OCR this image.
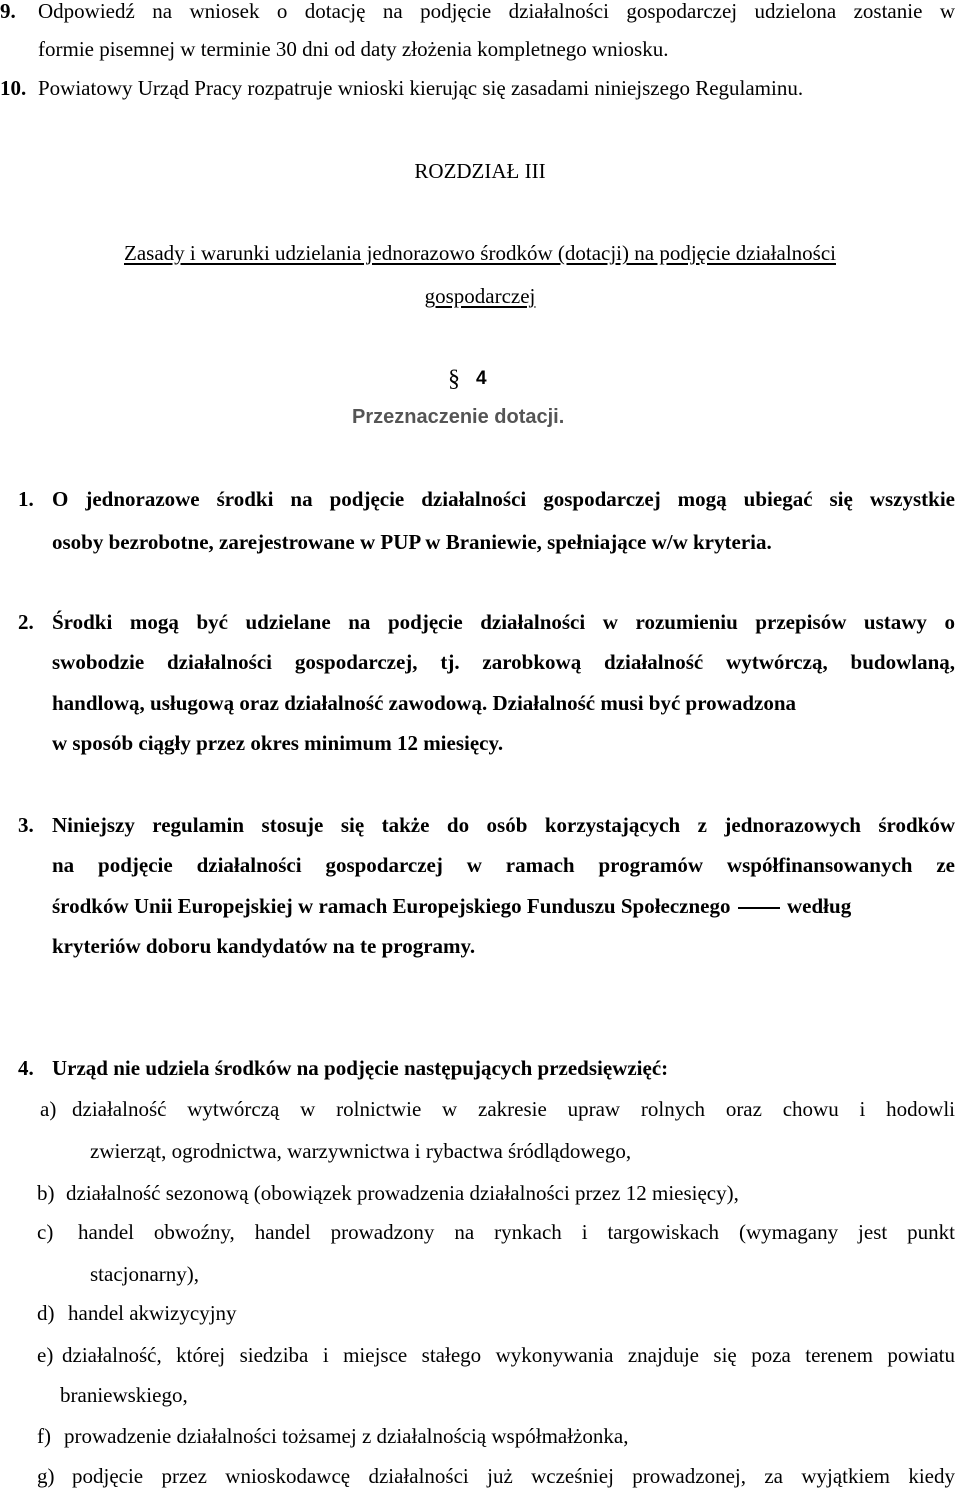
9. Odpowiedź na wniosek o dotację na podjęcie działalności gospodarczej udzielona zostanie w
formie pisemnej w terminie 30 dni od daty złożenia kompletnego wniosku.
10. Powiatowy Urząd Pracy rozpatruje wnioski kierując się zasadami niniejszego Regulaminu.
ROZDZIAŁ III
Zasady i warunki udzielania jednorazowo środków (dotacji) na podjęcie działalności
gospodarczej
§ 4
Przeznaczenie dotacji.
1. O jednorazowe środki na podjęcie działalności gospodarczej mogą ubiegać się wszystkie
osoby bezrobotne, zarejestrowane w PUP w Braniewie, spełniające w/w kryteria.
2. Środki mogą być udzielane na podjęcie działalności w rozumieniu przepisów ustawy o
swobodzie działalności gospodarczej, tj. zarobkową działalność wytwórczą, budowlaną,
handlową, usługową oraz działalność zawodową. Działalność musi być prowadzona
w sposób ciągły przez okres minimum 12 miesięcy.
3. Niniejszy regulamin stosuje się także do osób korzystających z jednorazowych środków
na podjęcie działalności gospodarczej w ramach programów współfinansowanych ze
środków Unii Europejskiej w ramach Europejskiego Funduszu Społecznego	według
kryteriów doboru kandydatów na te programy.
4. Urząd nie udziela środków na podjęcie następujących przedsięwzięć:
a) działalność wytwórczą w rolnictwie w zakresie upraw rolnych oraz chowu i hodowli
zwierząt, ogrodnictwa, warzywnictwa i rybactwa śródlądowego,
b) działalność sezonową (obowiązek prowadzenia działalności przez 12 miesięcy),
c) handel obwoźny, handel prowadzony na rynkach i targowiskach (wymagany jest punkt
stacjonarny),
d) handel akwizycyjny
e) działalność, której siedziba i miejsce stałego wykonywania znajduje się poza terenem powiatu
braniewskiego,
f) prowadzenie działalności tożsamej z działalnością współmałżonka,
g) podjęcie przez wnioskodawcę działalności już wcześniej prowadzonej, za wyjątkiem kiedy
